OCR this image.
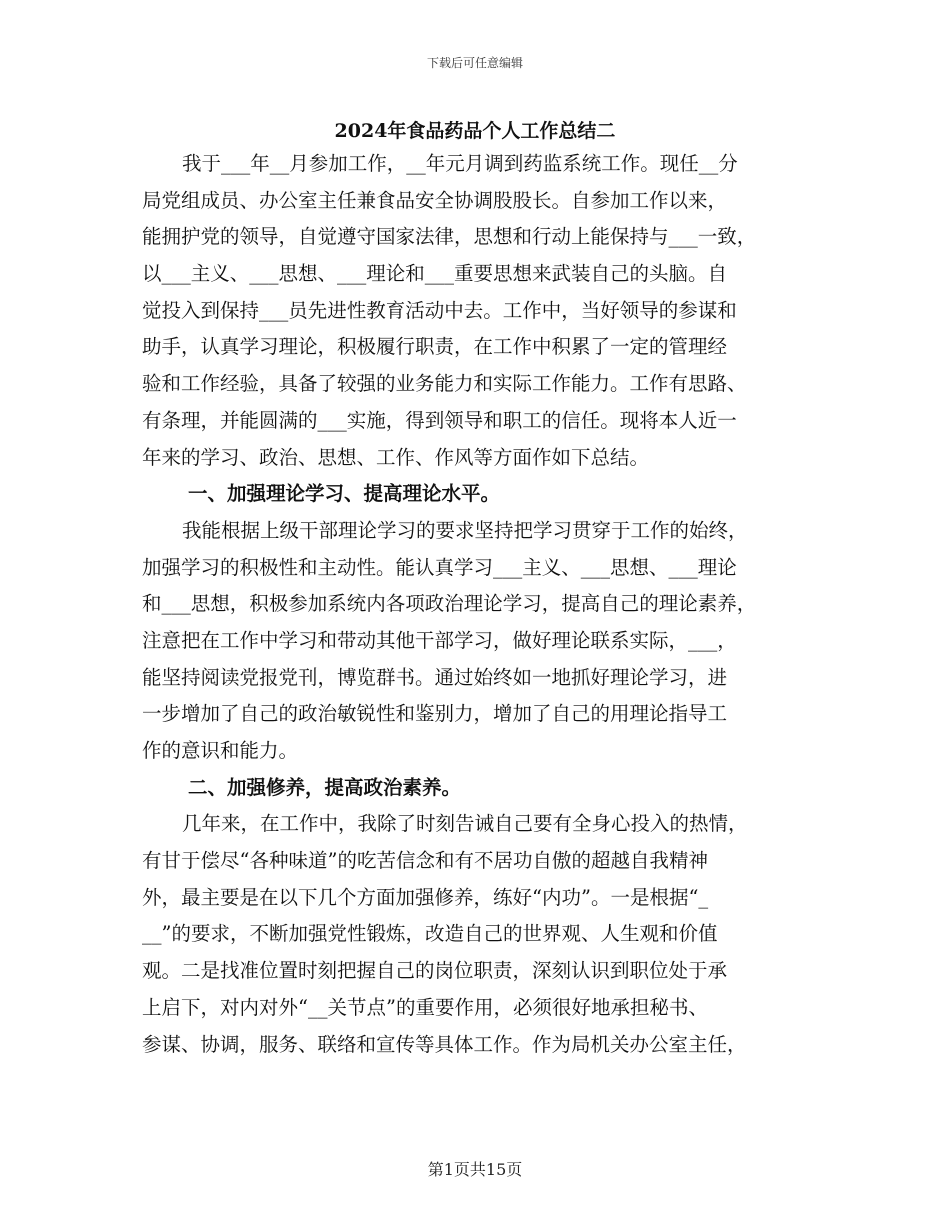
下载后可任意编辑
2024年食品药品个人工作总结二
我于___年__月参加工作，__年元月调到药监系统工作。现任__分
局党组成员、办公室主任兼食品安全协调股股长。自参加工作以来，
能拥护党的领导，自觉遵守国家法律，思想和行动上能保持与___一致，
以___主义、___思想、___理论和___重要思想来武装自己的头脑。自
觉投入到保持___员先进性教育活动中去。工作中，当好领导的参谋和
助手，认真学习理论，积极履行职责，在工作中积累了一定的管理经
验和工作经验，具备了较强的业务能力和实际工作能力。工作有思路、
有条理，并能圆满的___实施，得到领导和职工的信任。现将本人近一
年来的学习、政治、思想、工作、作风等方面作如下总结。
一、加强理论学习、提高理论水平。
我能根据上级干部理论学习的要求坚持把学习贯穿于工作的始终，
加强学习的积极性和主动性。能认真学习___主义、___思想、___理论
和___思想，积极参加系统内各项政治理论学习，提高自己的理论素养，
注意把在工作中学习和带动其他干部学习，做好理论联系实际，___，
能坚持阅读党报党刊，博览群书。通过始终如一地抓好理论学习，进
一步增加了自己的政治敏锐性和鉴别力，增加了自己的用理论指导工
作的意识和能力。
二、加强修养，提高政治素养。
几年来，在工作中，我除了时刻告诫自己要有全身心投入的热情，
有甘于偿尽“各种味道”的吃苦信念和有不居功自傲的超越自我精神
外，最主要是在以下几个方面加强修养，练好“内功”。一是根据“_
__”的要求，不断加强党性锻炼，改造自己的世界观、人生观和价值
观。二是找准位置时刻把握自己的岗位职责，深刻认识到职位处于承
上启下，对内对外“__关节点”的重要作用，必须很好地承担秘书、
参谋、协调，服务、联络和宣传等具体工作。作为局机关办公室主任，
第1页共15页
